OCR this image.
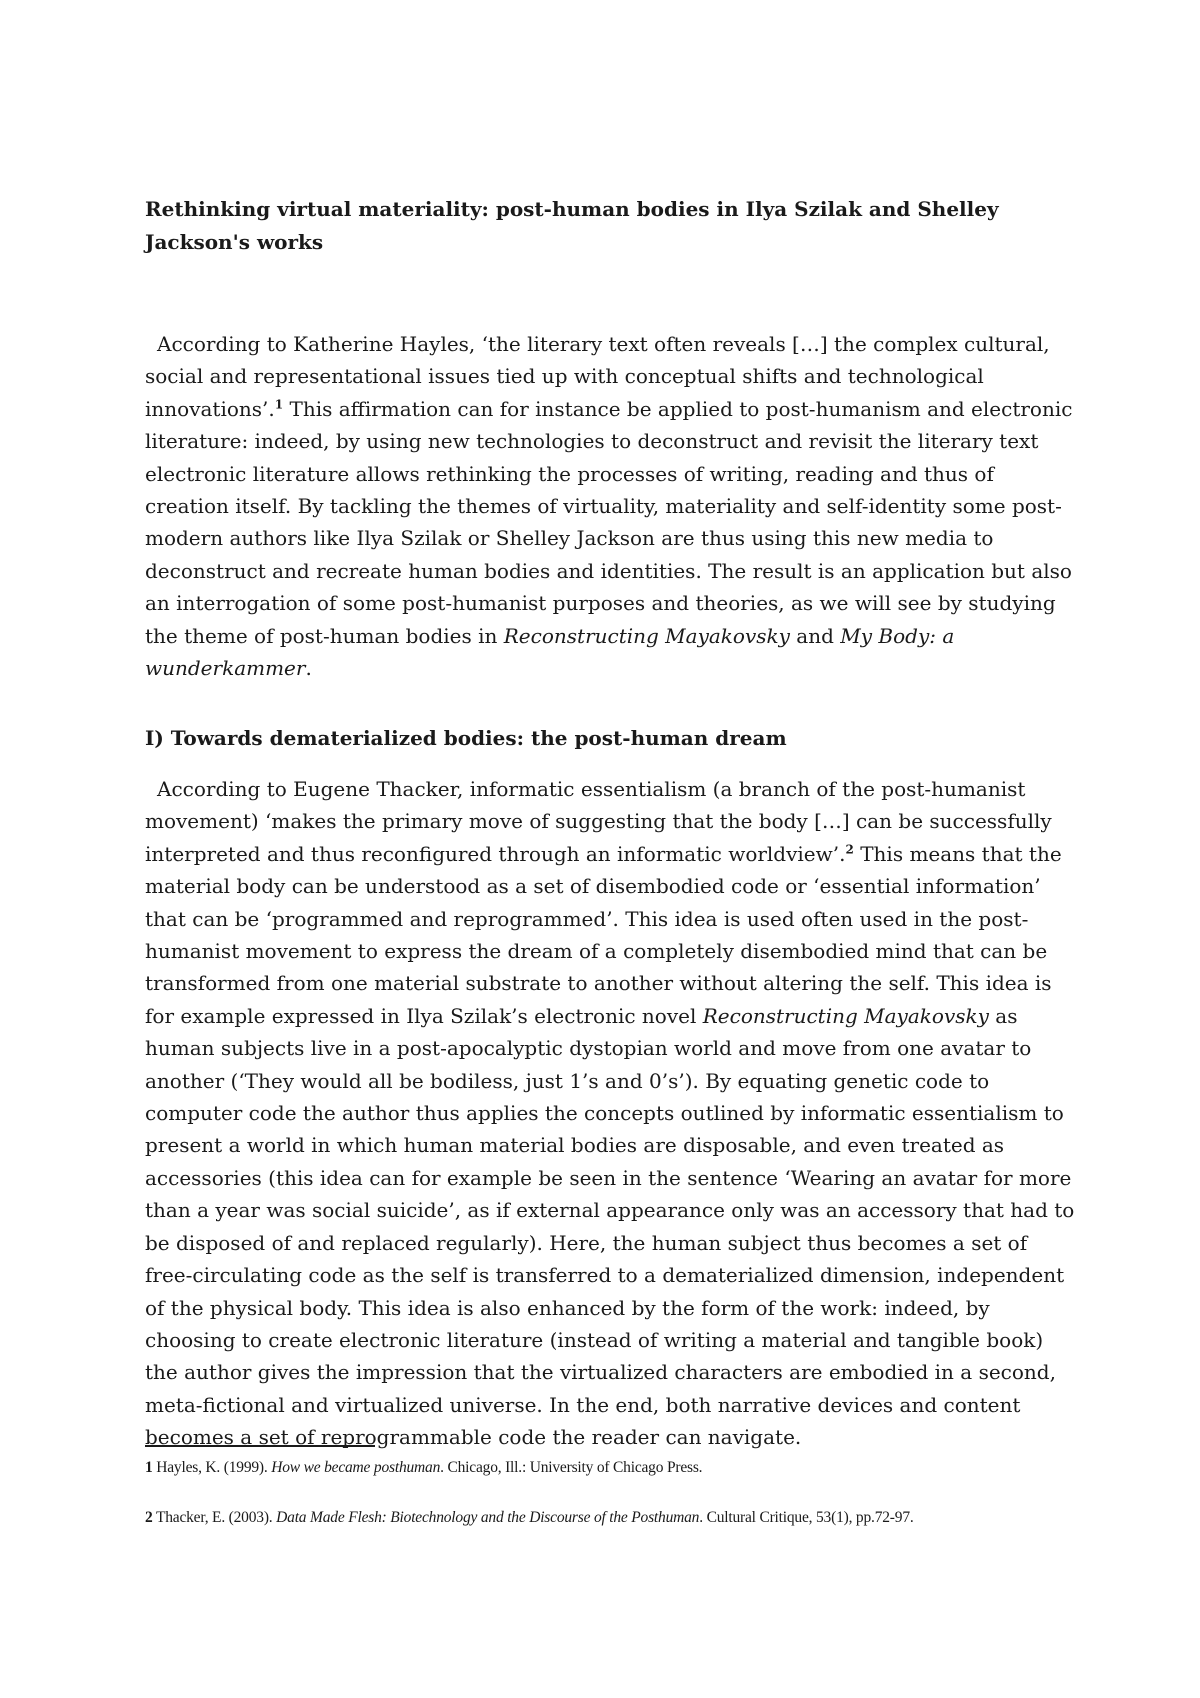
Rethinking virtual materiality: post-human bodies in Ilya Szilak and Shelley Jackson's works

According to Katherine Hayles, ‘the literary text often reveals […] the complex cultural, social and representational issues tied up with conceptual shifts and technological innovations’.$^1$ This affirmation can for instance be applied to post-humanism and electronic literature: indeed, by using new technologies to deconstruct and revisit the literary text electronic literature allows rethinking the processes of writing, reading and thus of creation itself. By tackling the themes of virtuality, materiality and self-identity some post-modern authors like Ilya Szilak or Shelley Jackson are thus using this new media to deconstruct and recreate human bodies and identities. The result is an application but also an interrogation of some post-humanist purposes and theories, as we will see by studying the theme of post-human bodies in Reconstructing Mayakovsky and My Body: a wunderkammer.

I) Towards dematerialized bodies: the post-human dream

According to Eugene Thacker, informatic essentialism (a branch of the post-humanist movement) ‘makes the primary move of suggesting that the body […] can be successfully interpreted and thus reconfigured through an informatic worldview’.$^2$ This means that the material body can be understood as a set of disembodied code or ‘essential information’ that can be ‘programmed and reprogrammed’. This idea is used often used in the post-humanist movement to express the dream of a completely disembodied mind that can be transformed from one material substrate to another without altering the self. This idea is for example expressed in Ilya Szilak’s electronic novel Reconstructing Mayakovsky as human subjects live in a post-apocalyptic dystopian world and move from one avatar to another (‘They would all be bodiless, just 1’s and 0’s’). By equating genetic code to computer code the author thus applies the concepts outlined by informatic essentialism to present a world in which human material bodies are disposable, and even treated as accessories (this idea can for example be seen in the sentence ‘Wearing an avatar for more than a year was social suicide’, as if external appearance only was an accessory that had to be disposed of and replaced regularly). Here, the human subject thus becomes a set of free-circulating code as the self is transferred to a dematerialized dimension, independent of the physical body. This idea is also enhanced by the form of the work: indeed, by choosing to create electronic literature (instead of writing a material and tangible book) the author gives the impression that the virtualized characters are embodied in a second, meta-fictional and virtualized universe. In the end, both narrative devices and content becomes a set of reprogrammable code the reader can navigate.

1 Hayles, K. (1999). How we became posthuman. Chicago, Ill.: University of Chicago Press.

2 Thacker, E. (2003). Data Made Flesh: Biotechnology and the Discourse of the Posthuman. Cultural Critique, 53(1), pp.72-97.
